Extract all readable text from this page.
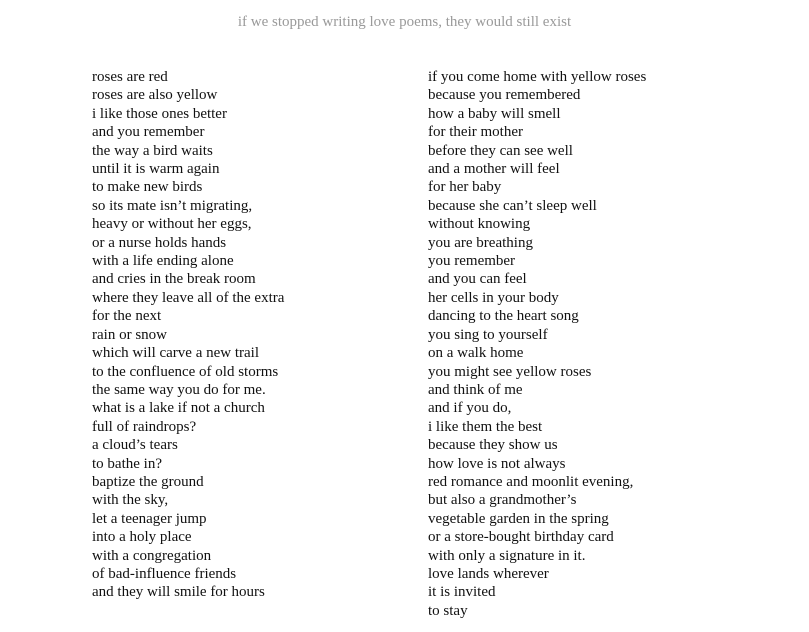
if we stopped writing love poems, they would still exist
roses are red
roses are also yellow
i like those ones better
and you remember
the way a bird waits
until it is warm again
to make new birds
so its mate isn’t migrating,
heavy or without her eggs,
or a nurse holds hands
with a life ending alone
and cries in the break room
where they leave all of the extra
for the next
rain or snow
which will carve a new trail
to the confluence of old storms
the same way you do for me.
what is a lake if not a church
full of raindrops?
a cloud’s tears
to bathe in?
baptize the ground
with the sky,
let a teenager jump
into a holy place
with a congregation
of bad-influence friends
and they will smile for hours
if you come home with yellow roses
because you remembered
how a baby will smell
for their mother
before they can see well
and a mother will feel
for her baby
because she can’t sleep well
without knowing
you are breathing
you remember
and you can feel
her cells in your body
dancing to the heart song
you sing to yourself
on a walk home
you might see yellow roses
and think of me
and if you do,
i like them the best
because they show us
how love is not always
red romance and moonlit evening,
but also a grandmother’s
vegetable garden in the spring
or a store-bought birthday card
with only a signature in it.
love lands wherever
it is invited
to stay
